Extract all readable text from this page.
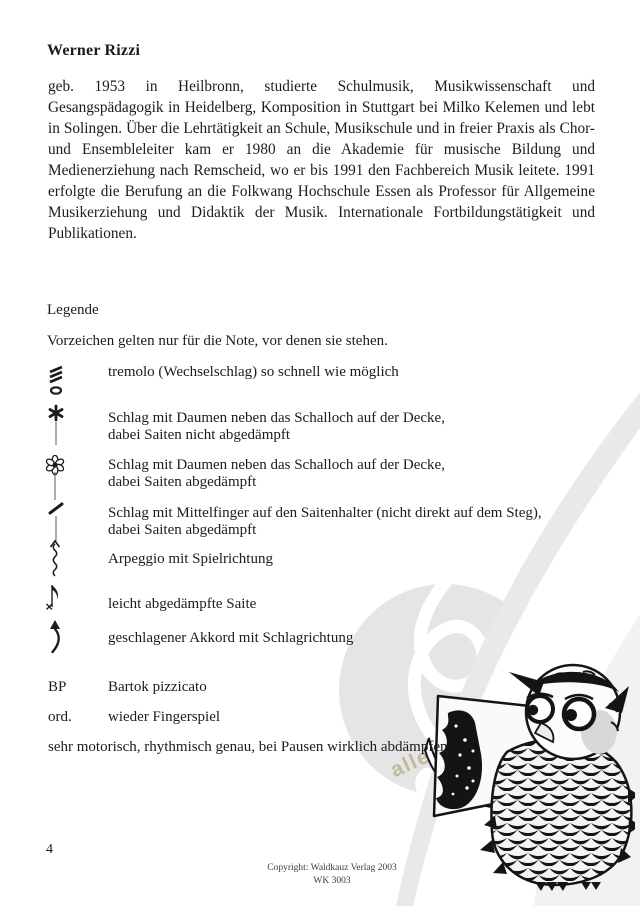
Werner Rizzi

geb. 1953 in Heilbronn, studierte Schulmusik, Musikwissenschaft und Gesangspädagogik in Heidelberg, Komposition in Stuttgart bei Milko Kelemen und lebt in Solingen. Über die Lehrtätigkeit an Schule, Musikschule und in freier Praxis als Chor- und Ensembleleiter kam er 1980 an die Akademie für musische Bildung und Medienerziehung nach Remscheid, wo er bis 1991 den Fachbereich Musik leitete. 1991 erfolgte die Berufung an die Folkwang Hochschule Essen als Professor für Allgemeine Musikerziehung und Didaktik der Musik. Internationale Fortbildungstätigkeit und Publikationen.

Legende
Vorzeichen gelten nur für die Note, vor denen sie stehen.
tremolo (Wechselschlag) so schnell wie möglich
Schlag mit Daumen neben das Schalloch auf der Decke,
dabei Saiten nicht abgedämpft
Schlag mit Daumen neben das Schalloch auf der Decke,
dabei Saiten abgedämpft
Schlag mit Mittelfinger auf den Saitenhalter (nicht direkt auf dem Steg),
dabei Saiten abgedämpft
Arpeggio mit Spielrichtung
leicht abgedämpfte Saite
geschlagener Akkord mit Schlagrichtung
BP	Bartok pizzicato
ord. wieder Fingerspiel
sehr motorisch, rhythmisch genau, bei Pausen wirklich abdämpfen
4
Copyright: Waldkauz Verlag 2003
WK 3003
